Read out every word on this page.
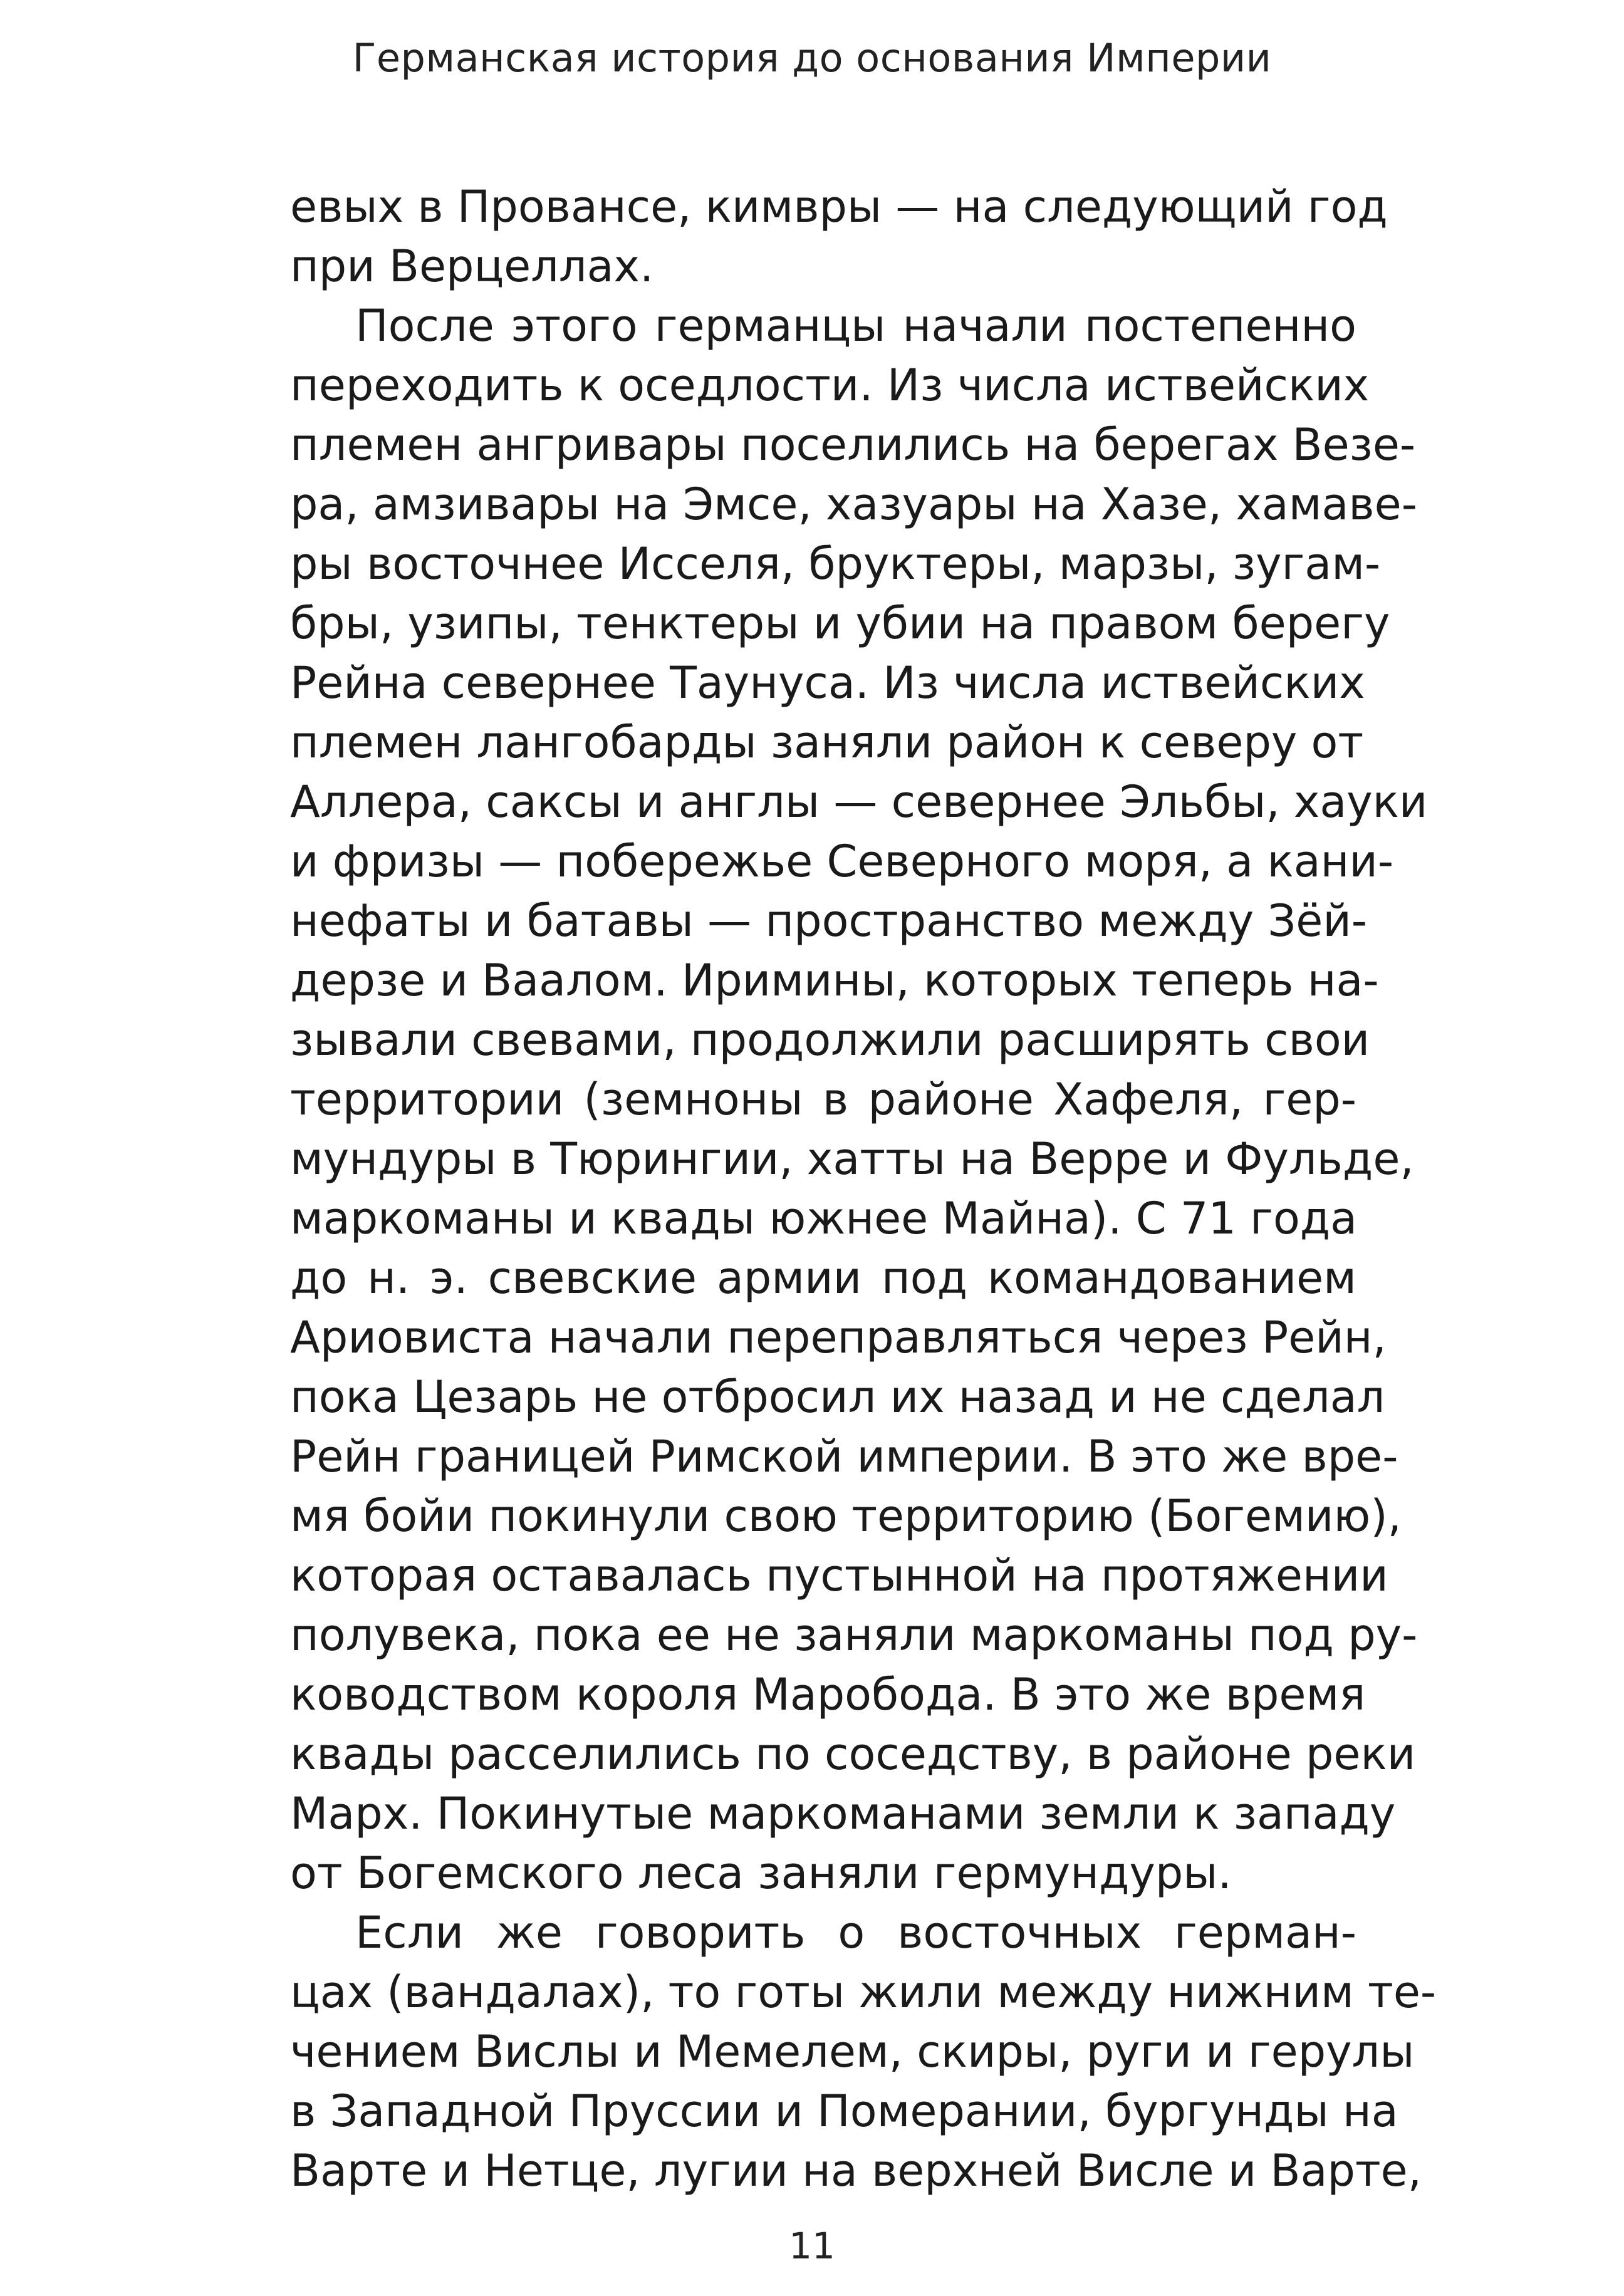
Германская история до основания Империи
евых в Провансе, кимвры — на следующий год
при Верцеллах.
После этого германцы начали постепенно
переходить к оседлости. Из числа иствейских
племен ангривары поселились на берегах Везе-
ра, амзивары на Эмсе, хазуары на Хазе, хамаве-
ры восточнее Исселя, бруктеры, марзы, зугам-
бры, узипы, тенктеры и убии на правом берегу
Рейна севернее Таунуса. Из числа иствейских
племен лангобарды заняли район к северу от
Аллера, саксы и англы — севернее Эльбы, хауки
и фризы — побережье Северного моря, а кани-
нефаты и батавы — пространство между Зёй-
дерзе и Ваалом. Иримины, которых теперь на-
зывали свевами, продолжили расширять свои
территории (земноны в районе Хафеля, гер-
мундуры в Тюрингии, хатты на Верре и Фульде,
маркоманы и квады южнее Майна). С 71 года
до н. э. свевские армии под командованием
Ариовиста начали переправляться через Рейн,
пока Цезарь не отбросил их назад и не сделал
Рейн границей Римской империи. В это же вре-
мя бойи покинули свою территорию (Богемию),
которая оставалась пустынной на протяжении
полувека, пока ее не заняли маркоманы под ру-
ководством короля Маробода. В это же время
квады расселились по соседству, в районе реки
Марх. Покинутые маркоманами земли к западу
от Богемского леса заняли гермундуры.
Если же говорить о восточных герман-
цах (вандалах), то готы жили между нижним те-
чением Вислы и Мемелем, скиры, руги и герулы
в Западной Пруссии и Померании, бургунды на
Варте и Нетце, лугии на верхней Висле и Варте,
11
